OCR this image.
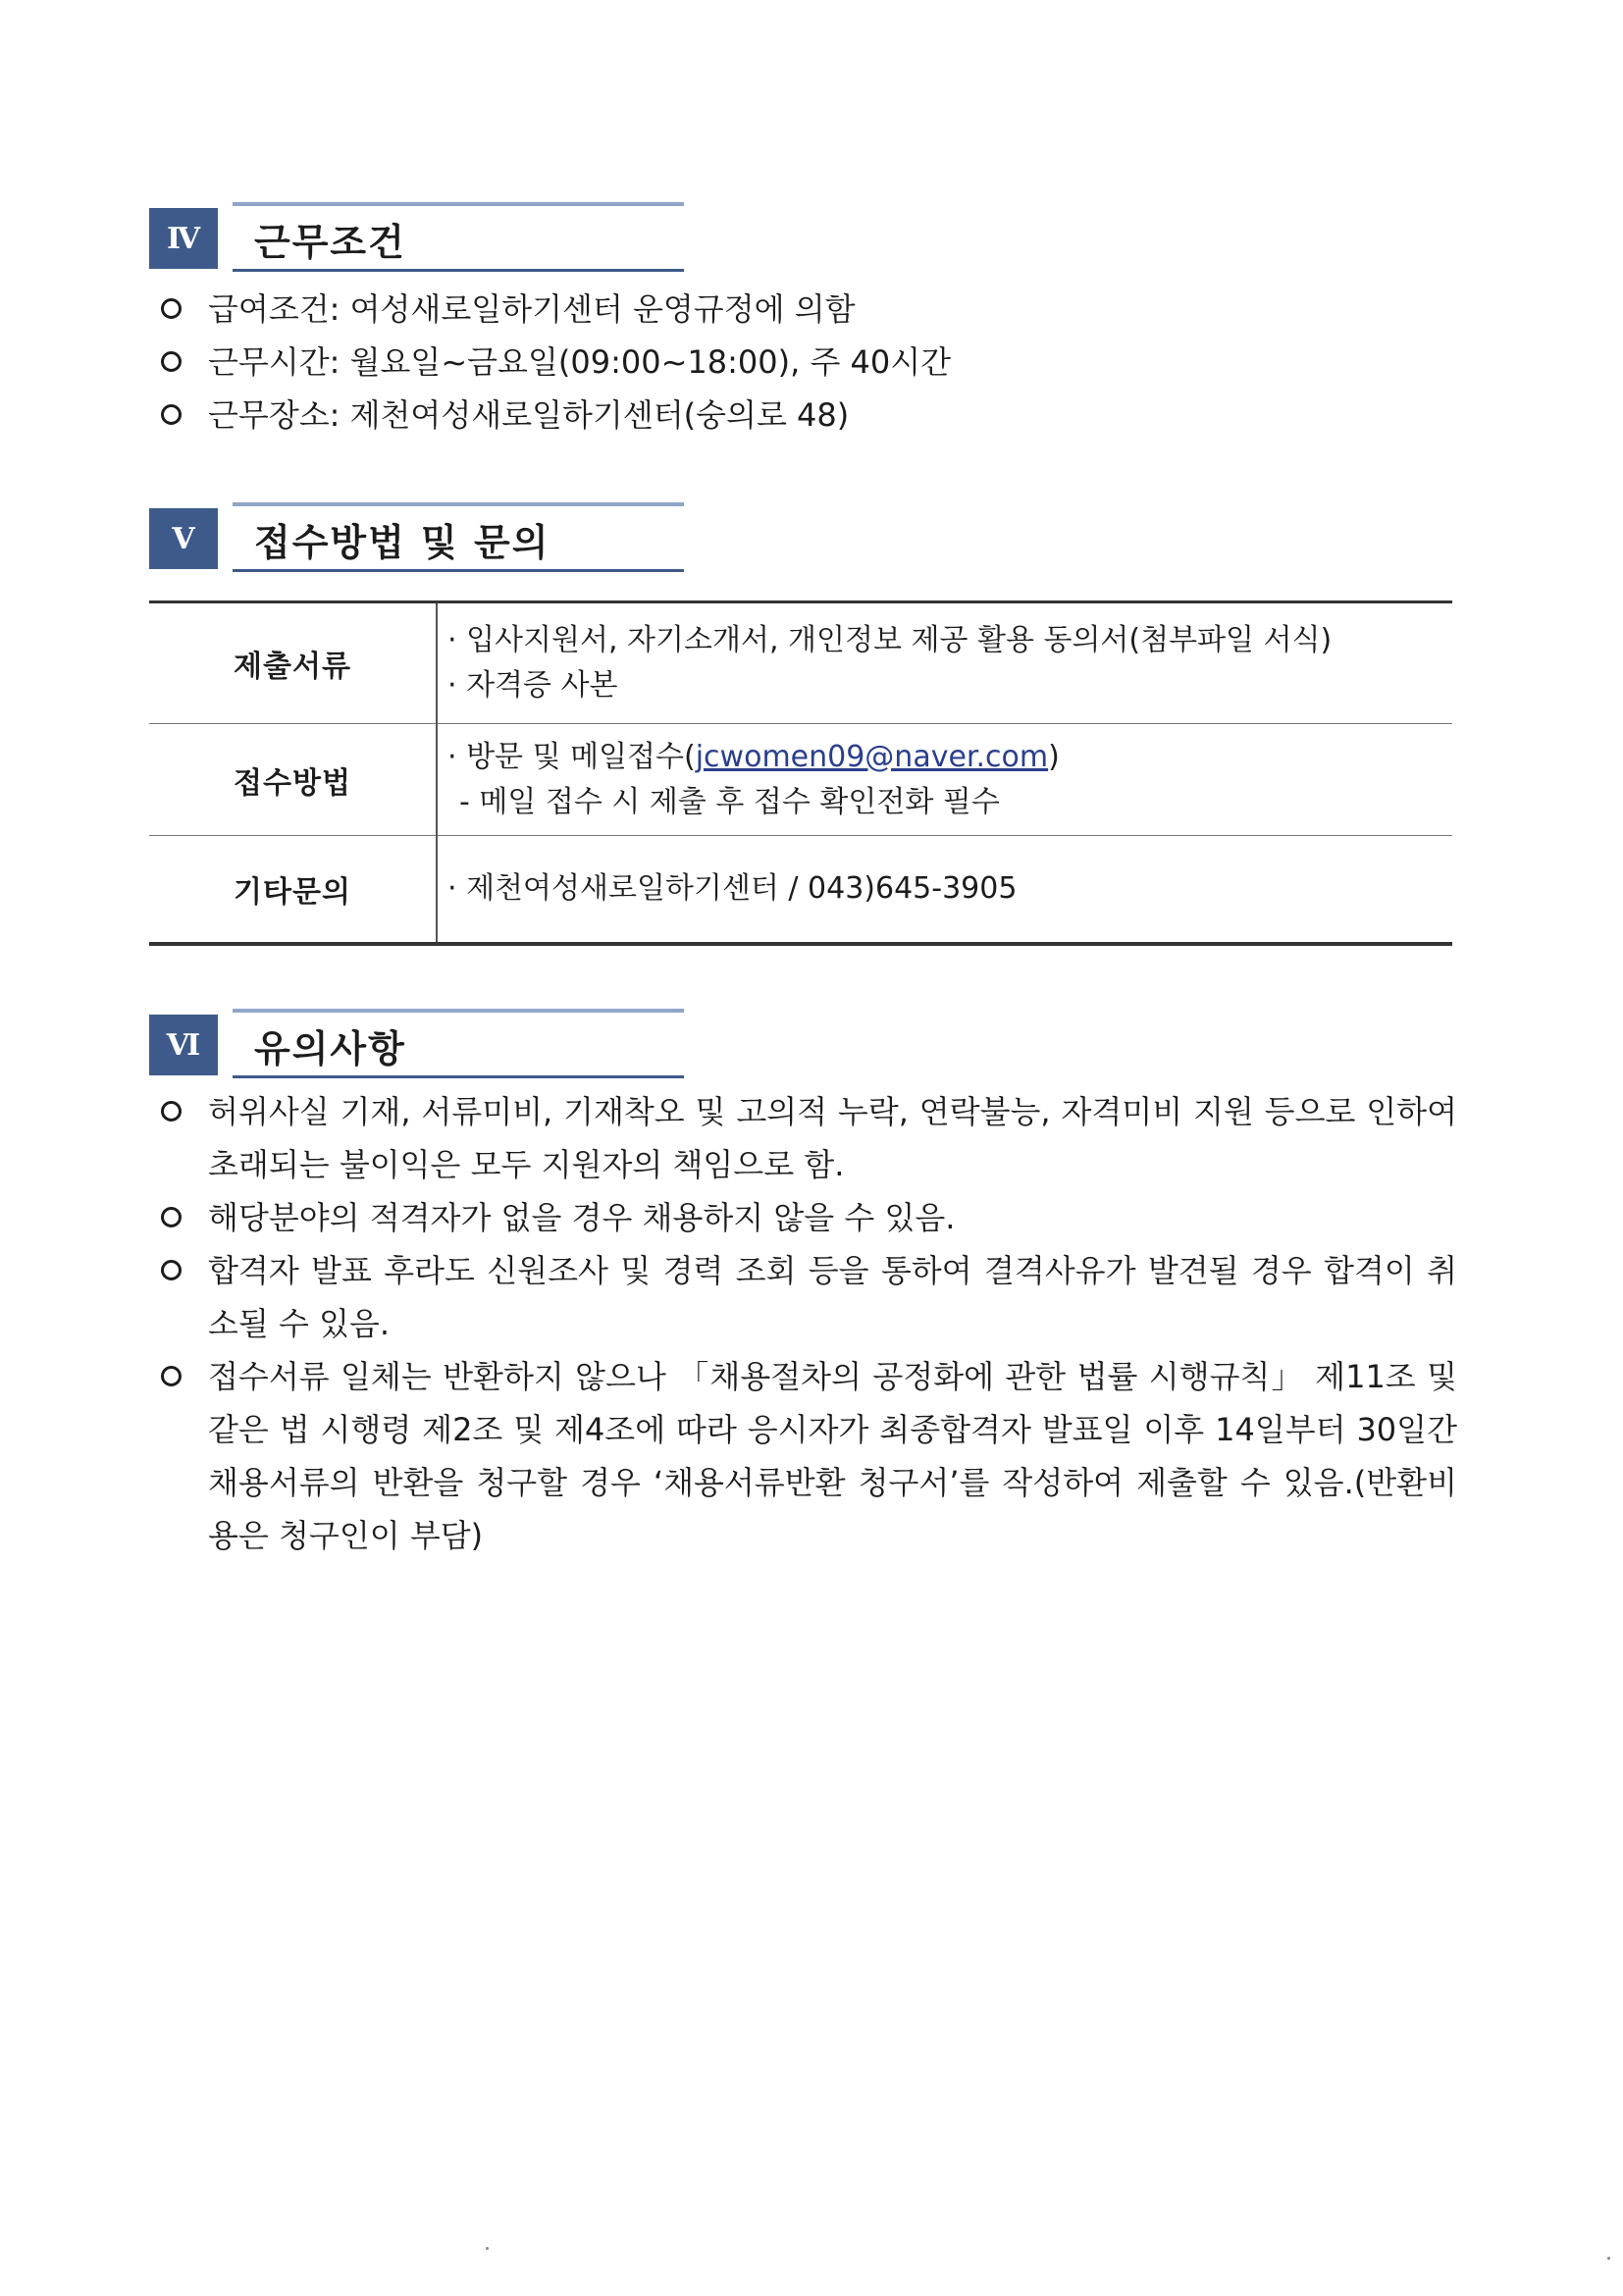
Ⅳ	근무조건
급여조건: 여성새로일하기센터 운영규정에 의함
근무시간: 월요일~금요일(09:00~18:00), 주 40시간
근무장소: 제천여성새로일하기센터(숭의로 48)
Ⅴ	접수방법 및 문의
제출서류	· 입사지원서, 자기소개서, 개인정보 제공 활용 동의서(첨부파일 서식)
· 자격증 사본

접수방법	· 방문 및 메일접수(jcwomen09@naver.com)
- 메일 접수 시 제출 후 접수 확인전화 필수

기타문의	· 제천여성새로일하기센터 / 043)645-3905
Ⅵ	유의사항
허위사실 기재, 서류미비, 기재착오 및 고의적 누락, 연락불능, 자격미비 지원 등으로 인하여 초래되는 불이익은 모두 지원자의 책임으로 함.
해당분야의 적격자가 없을 경우 채용하지 않을 수 있음.
합격자 발표 후라도 신원조사 및 경력 조회 등을 통하여 결격사유가 발견될 경우 합격이 취소될 수 있음.
접수서류 일체는 반환하지 않으나 「채용절차의 공정화에 관한 법률 시행규칙」 제11조 및 같은 법 시행령 제2조 및 제4조에 따라 응시자가 최종합격자 발표일 이후 14일부터 30일간 채용서류의 반환을 청구할 경우 ‘채용서류반환 청구서’를 작성하여 제출할 수 있음.(반환비용은 청구인이 부담)
